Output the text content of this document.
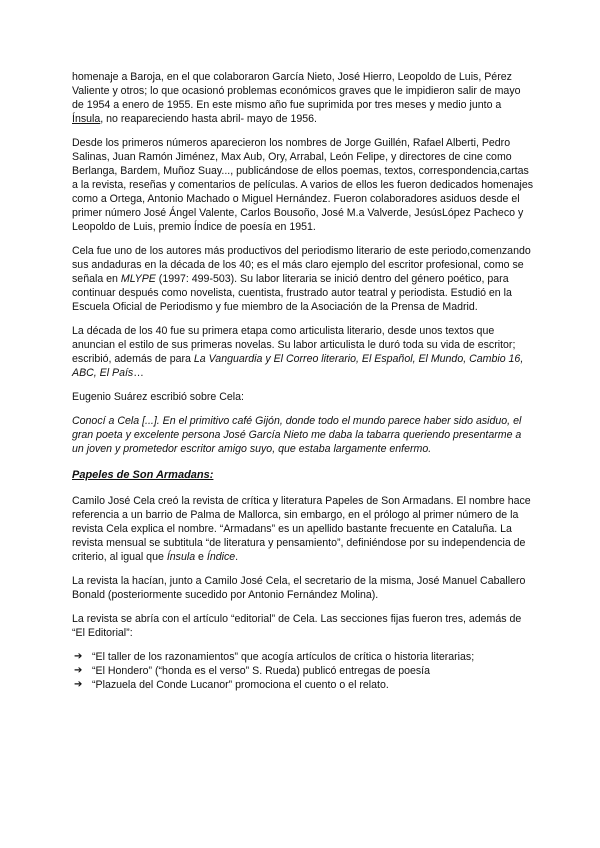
homenaje a Baroja, en el que colaboraron García Nieto, José Hierro, Leopoldo de Luis, Pérez Valiente y otros; lo que ocasionó problemas económicos graves que le impidieron salir de mayo de 1954 a enero de 1955. En este mismo año fue suprimida por tres meses y medio junto a Ínsula, no reapareciendo hasta abril- mayo de 1956.

Desde los primeros números aparecieron los nombres de Jorge Guillén, Rafael Alberti, Pedro Salinas, Juan Ramón Jiménez, Max Aub, Ory, Arrabal, León Felipe, y directores de cine como Berlanga, Bardem, Muñoz Suay..., publicándose de ellos poemas, textos, correspondencia,cartas a la revista, reseñas y comentarios de películas. A varios de ellos les fueron dedicados homenajes como a Ortega, Antonio Machado o Miguel Hernández. Fueron colaboradores asiduos desde el primer número José Ángel Valente, Carlos Bousoño, José M.a Valverde, JesúsLópez Pacheco y Leopoldo de Luis, premio Índice de poesía en 1951.

Cela fue uno de los autores más productivos del periodismo literario de este periodo,comenzando sus andaduras en la década de los 40; es el más claro ejemplo del escritor profesional, como se señala en MLYPE (1997: 499-503). Su labor literaria se inició dentro del género poético, para continuar después como novelista, cuentista, frustrado autor teatral y periodista. Estudió en la Escuela Oficial de Periodismo y fue miembro de la Asociación de la Prensa de Madrid.

La década de los 40 fue su primera etapa como articulista literario, desde unos textos que anuncian el estilo de sus primeras novelas. Su labor articulista le duró toda su vida de escritor; escribió, además de para La Vanguardia y El Correo literario, El Español, El Mundo, Cambio 16, ABC, El País…

Eugenio Suárez escribió sobre Cela:

Conocí a Cela [...]. En el primitivo café Gijón, donde todo el mundo parece haber sido asiduo, el gran poeta y excelente persona José García Nieto me daba la tabarra queriendo presentarme a un joven y prometedor escritor amigo suyo, que estaba largamente enfermo.

Papeles de Son Armadans:

Camilo José Cela creó la revista de crítica y literatura Papeles de Son Armadans. El nombre hace referencia a un barrio de Palma de Mallorca, sin embargo, en el prólogo al primer número de la revista Cela explica el nombre. “Armadans” es un apellido bastante frecuente en Cataluña. La revista mensual se subtitula “de literatura y pensamiento”, definiéndose por su independencia de criterio, al igual que Ínsula e Índice.

La revista la hacían, junto a Camilo José Cela, el secretario de la misma, José Manuel Caballero Bonald (posteriormente sucedido por Antonio Fernández Molina).

La revista se abría con el artículo “editorial” de Cela. Las secciones fijas fueron tres, además de “El Editorial”:

➔ “El taller de los razonamientos” que acogía artículos de crítica o historia literarias;
➔ “El Hondero” (“honda es el verso” S. Rueda) publicó entregas de poesía
➔ “Plazuela del Conde Lucanor” promociona el cuento o el relato.
